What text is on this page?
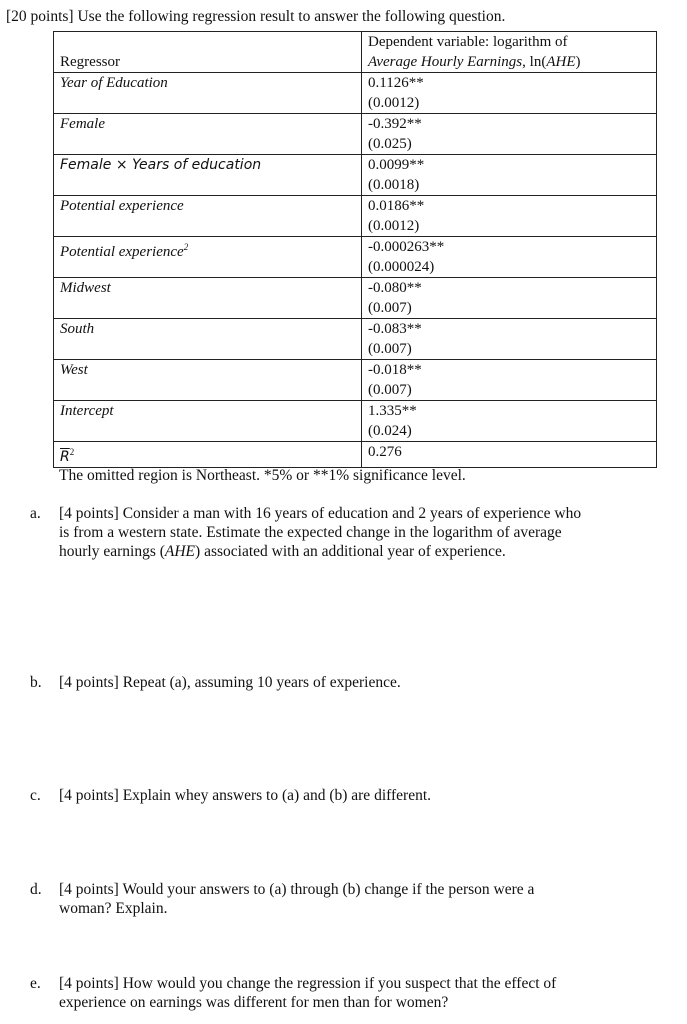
[20 points] Use the following regression result to answer the following question.
Regressor	Dependent variable: logarithm of
Average Hourly Earnings, ln(AHE)

Year of Education	0.1126**
(0.0012)

Female	-0.392**
(0.025)

Female × Years of education	0.0099**
(0.0018)

Potential experience	0.0186**
(0.0012)

Potential experience$^2$	-0.000263**
(0.000024)

Midwest	-0.080**
(0.007)

South	-0.083**
(0.007)

West	-0.018**
(0.007)

Intercept	1.335**
(0.024)

$\overline{R}^2$	0.276
The omitted region is Northeast. *5% or **1% significance level.
a. [4 points] Consider a man with 16 years of education and 2 years of experience who
is from a western state. Estimate the expected change in the logarithm of average
hourly earnings (AHE) associated with an additional year of experience.
b. [4 points] Repeat (a), assuming 10 years of experience.
c. [4 points] Explain whey answers to (a) and (b) are different.
d. [4 points] Would your answers to (a) through (b) change if the person were a
woman? Explain.
e. [4 points] How would you change the regression if you suspect that the effect of
experience on earnings was different for men than for women?
